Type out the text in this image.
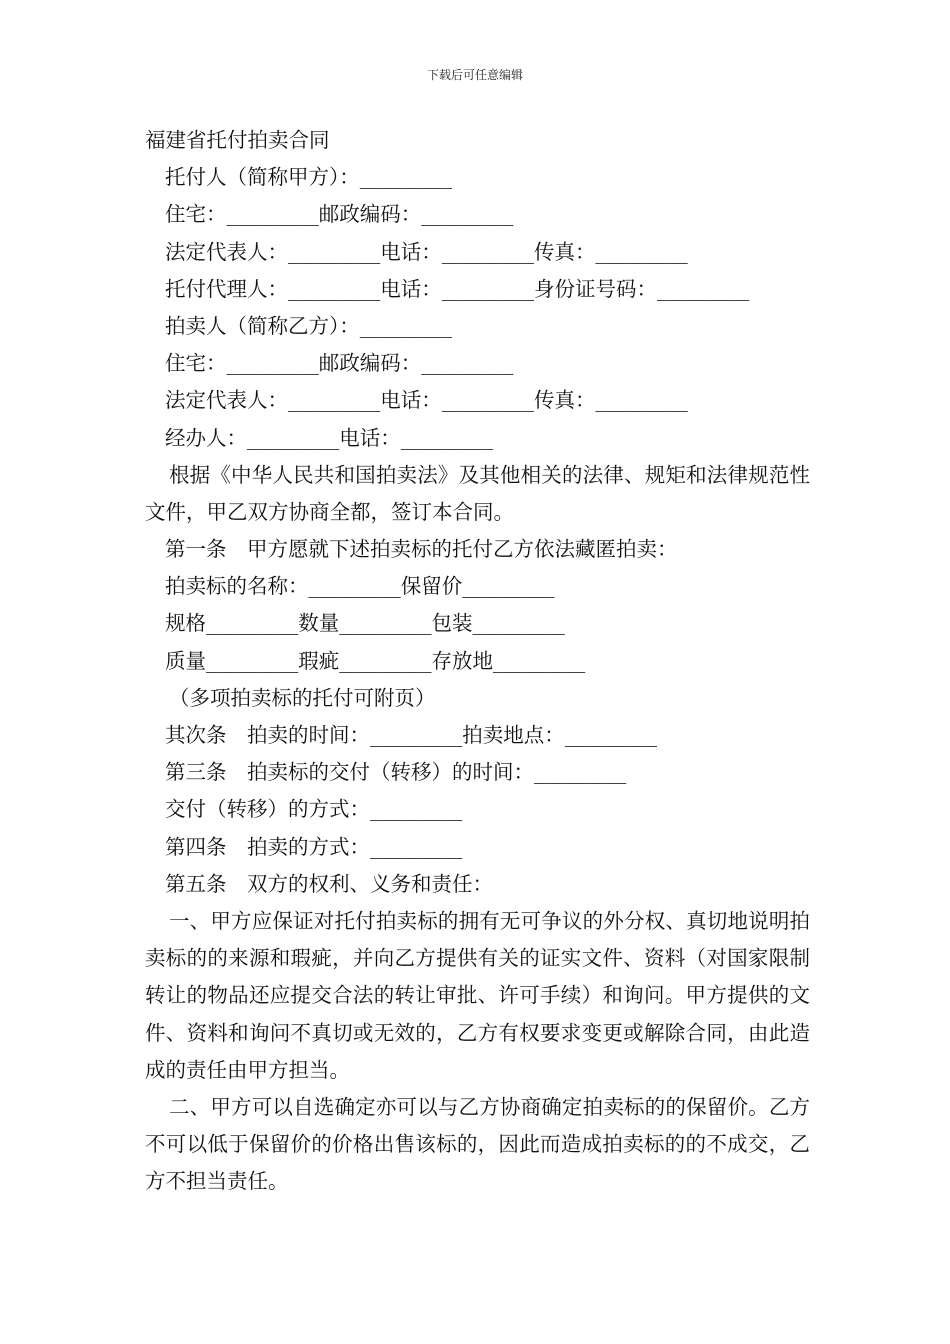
下载后可任意编辑
福建省托付拍卖合同
托付人（简称甲方）：_________
住宅：_________邮政编码：_________
法定代表人：_________电话：_________传真：_________
托付代理人：_________电话：_________身份证号码：_________
拍卖人（简称乙方）：_________
住宅：_________邮政编码：_________
法定代表人：_________电话：_________传真：_________
经办人：_________电话：_________

根据《中华人民共和国拍卖法》及其他相关的法律、规矩和法律规范性文件，甲乙双方协商全都，签订本合同。

第一条　甲方愿就下述拍卖标的托付乙方依法藏匿拍卖：
拍卖标的名称：_________保留价_________
规格_________数量_________包装_________
质量_________瑕疵_________存放地_________
（多项拍卖标的托付可附页）
其次条　拍卖的时间：_________拍卖地点：_________
第三条　拍卖标的交付（转移）的时间：_________
交付（转移）的方式：_________
第四条　拍卖的方式：_________
第五条　双方的权利、义务和责任：

一、甲方应保证对托付拍卖标的拥有无可争议的外分权、真切地说明拍卖标的的来源和瑕疵，并向乙方提供有关的证实文件、资料（对国家限制转让的物品还应提交合法的转让审批、许可手续）和询问。甲方提供的文件、资料和询问不真切或无效的，乙方有权要求变更或解除合同，由此造成的责任由甲方担当。

二、甲方可以自选确定亦可以与乙方协商确定拍卖标的的保留价。乙方不可以低于保留价的价格出售该标的，因此而造成拍卖标的的不成交，乙方不担当责任。
